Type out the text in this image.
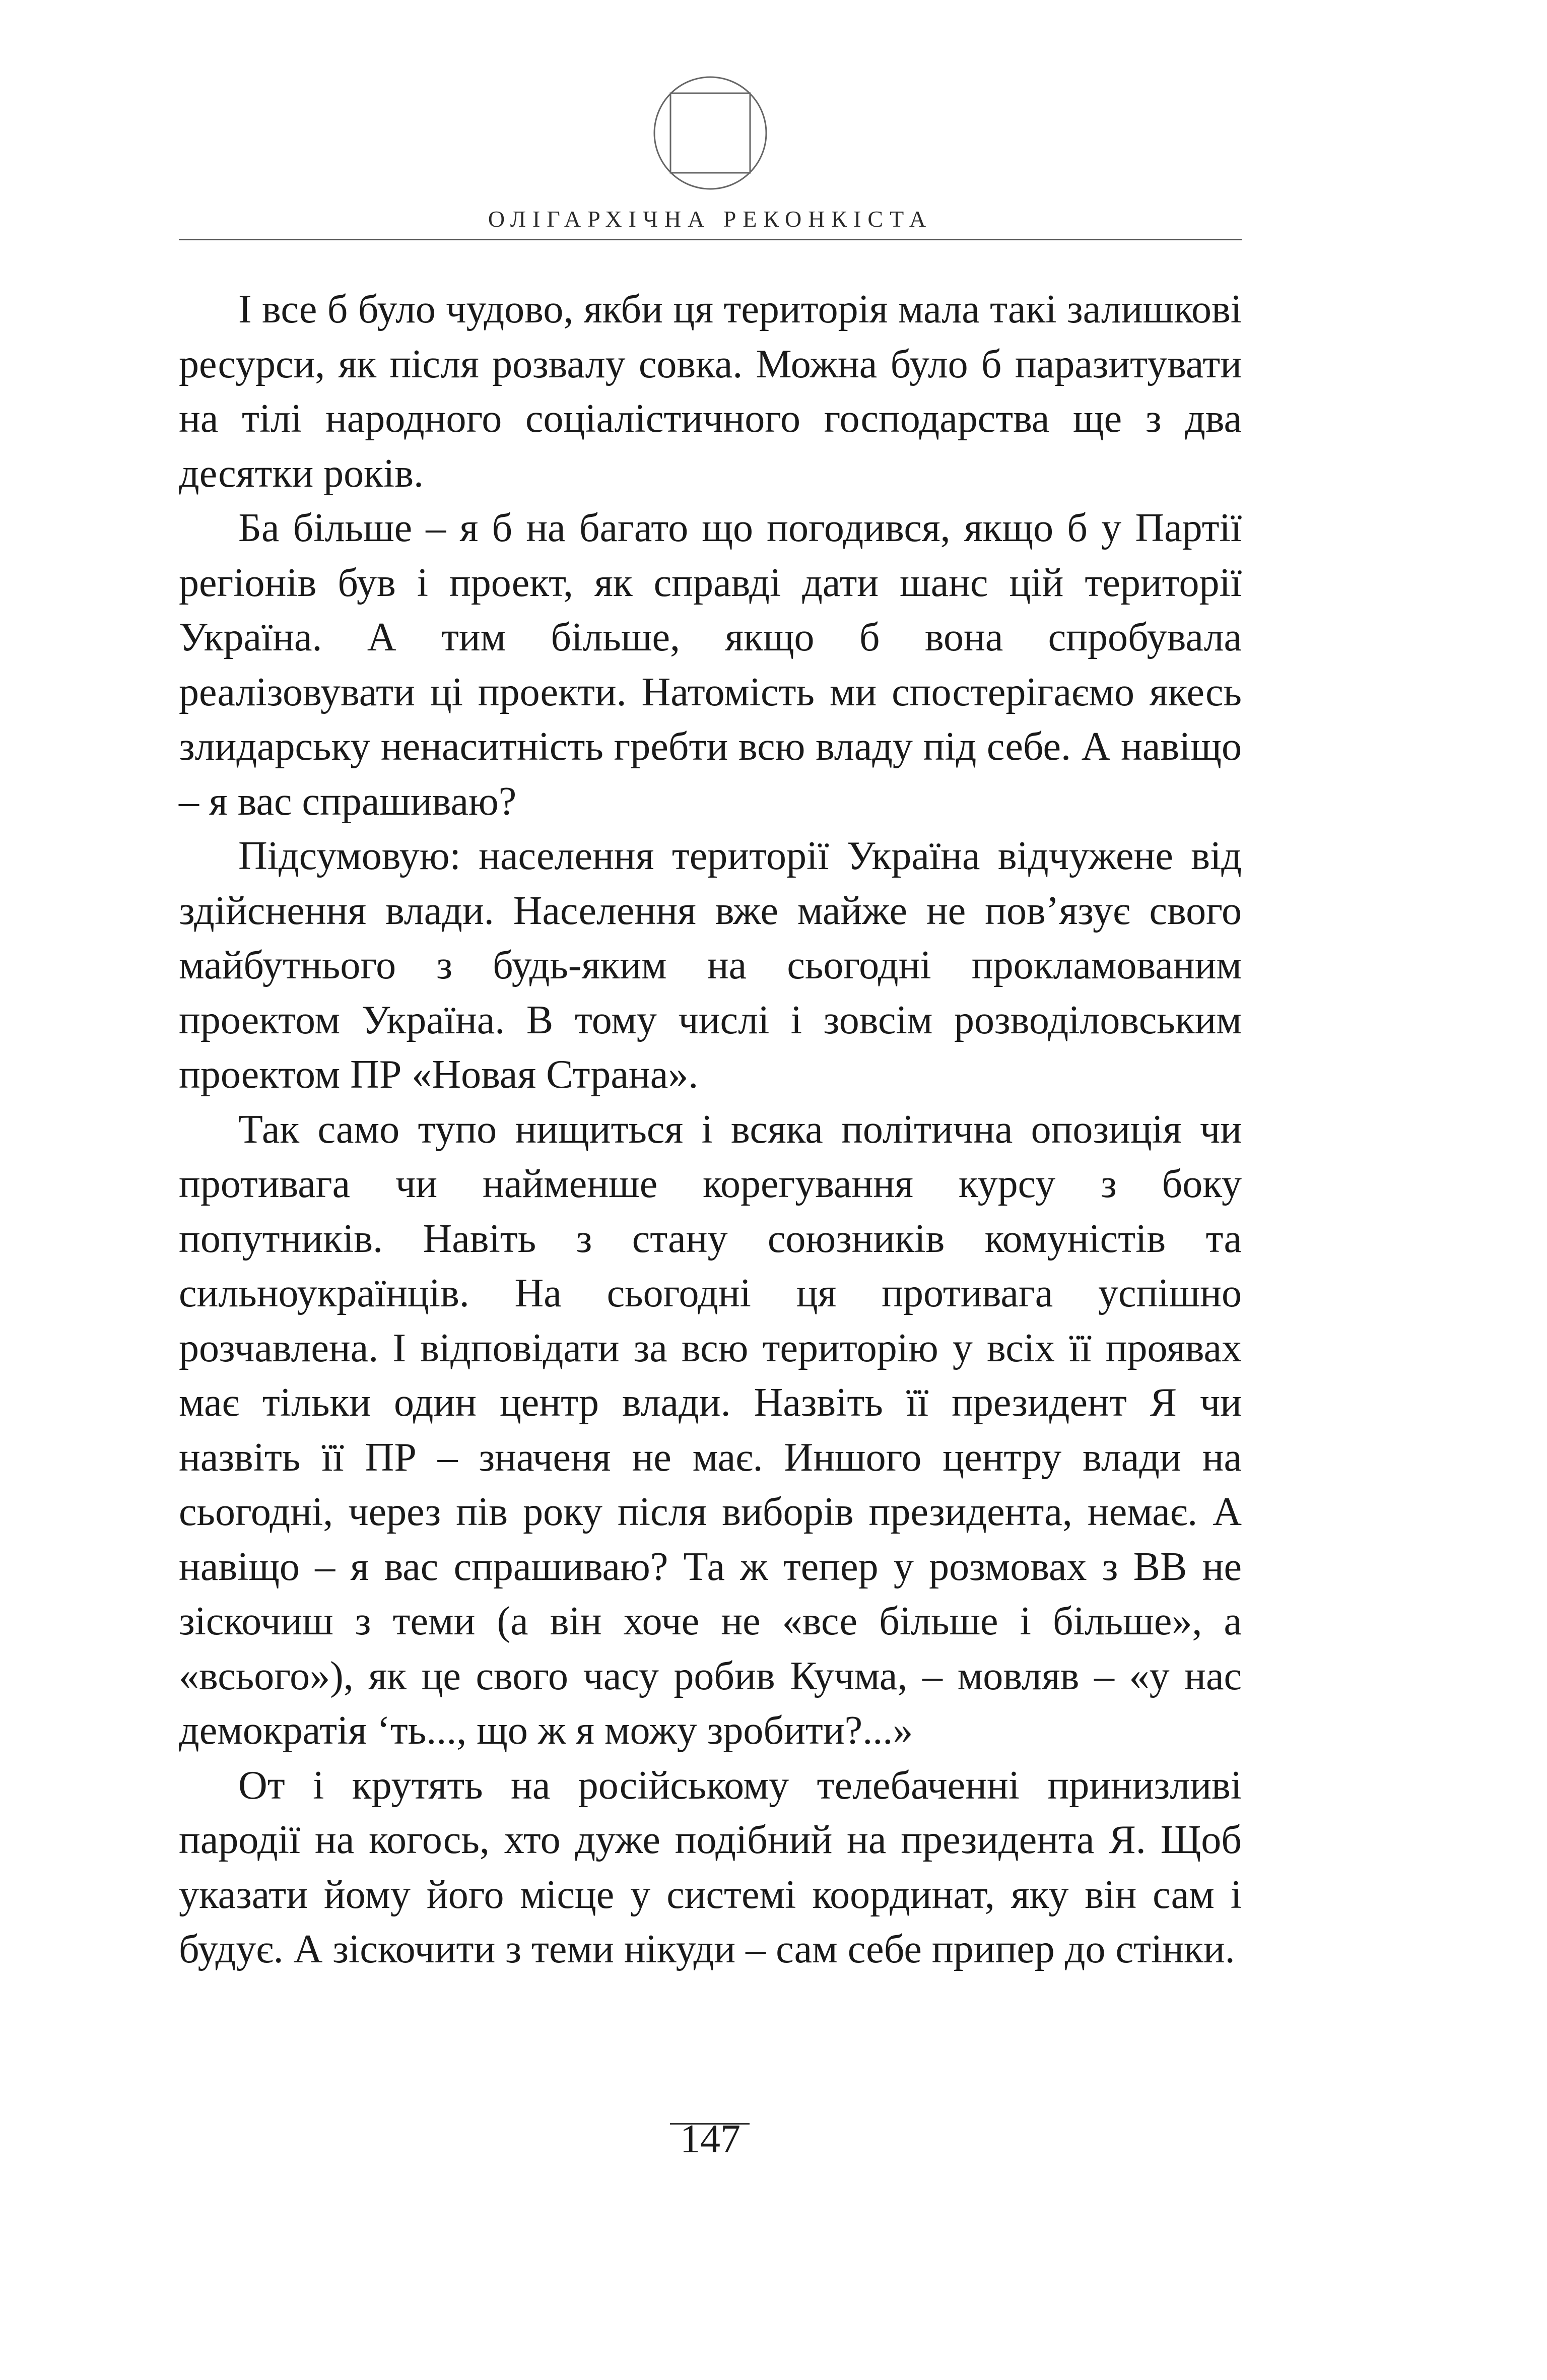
ОЛІГАРХІЧНА РЕКОНКІСТА

І все б було чудово, якби ця територія мала такі залишкові ресурси, як після розвалу совка. Можна було б паразитувати на тілі народного соціалістичного господарства ще з два десятки років.

Ба більше – я б на багато що погодився, якщо б у Партії регіонів був і проект, як справді дати шанс цій території Україна. А тим більше, якщо б вона спробувала реалізовувати ці проекти. Натомість ми спостерігаємо якесь злидарську ненаситність гребти всю владу під себе. А навіщо – я вас спрашиваю?

Підсумовую: населення території Україна відчужене від здійснення влади. Населення вже майже не пов’язує свого майбутнього з будь-яким на сьогодні прокламованим проектом Україна. В тому числі і зовсім розводіловським проектом ПР «Новая Страна».

Так само тупо нищиться і всяка політична опозиція чи противага чи найменше корегування курсу з боку попутників. Навіть з стану союзників комуністів та сильноукраїнців. На сьогодні ця противага успішно розчавлена. І відповідати за всю територію у всіх її проявах має тільки один центр влади. Назвіть її президент Я чи назвіть її ПР – значеня не має. Иншого центру влади на сьогодні, через пів року після виборів президента, немає. А навіщо – я вас спрашиваю? Та ж тепер у розмовах з ВВ не зіскочиш з теми (а він хоче не «все більше і більше», а «всього»), як це свого часу робив Кучма, – мовляв – «у нас демократія ‘ть..., що ж я можу зробити?...»

От і крутять на російському телебаченні принизливі пародії на когось, хто дуже подібний на президента Я. Щоб указати йому його місце у системі координат, яку він сам і будує. А зіскочити з теми нікуди – сам себе припер до стінки.

147
